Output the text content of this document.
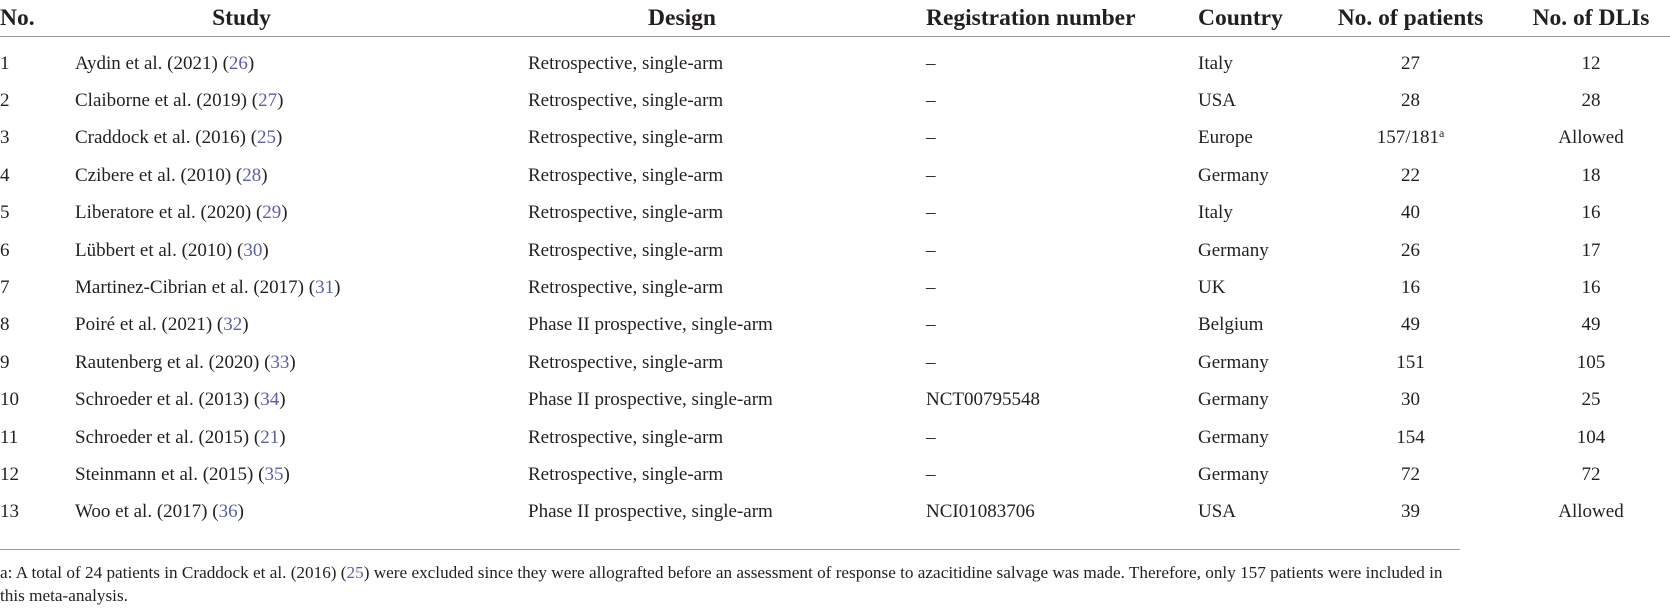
No.	Study	Design	Registration number	Country	No. of patients	No. of DLIs
1	Aydin et al. (2021) (26)	Retrospective, single-arm	–	Italy	27	12
2	Claiborne et al. (2019) (27)	Retrospective, single-arm	–	USA	28	28
3	Craddock et al. (2016) (25)	Retrospective, single-arm	–	Europe	157/181$^a$	Allowed
4	Czibere et al. (2010) (28)	Retrospective, single-arm	–	Germany	22	18
5	Liberatore et al. (2020) (29)	Retrospective, single-arm	–	Italy	40	16
6	Lübbert et al. (2010) (30)	Retrospective, single-arm	–	Germany	26	17
7	Martinez-Cibrian et al. (2017) (31)	Retrospective, single-arm	–	UK	16	16
8	Poiré et al. (2021) (32)	Phase II prospective, single-arm	–	Belgium	49	49
9	Rautenberg et al. (2020) (33)	Retrospective, single-arm	–	Germany	151	105
10	Schroeder et al. (2013) (34)	Phase II prospective, single-arm	NCT00795548	Germany	30	25
11	Schroeder et al. (2015) (21)	Retrospective, single-arm	–	Germany	154	104
12	Steinmann et al. (2015) (35)	Retrospective, single-arm	–	Germany	72	72
13	Woo et al. (2017) (36)	Phase II prospective, single-arm	NCI01083706	USA	39	Allowed
a: A total of 24 patients in Craddock et al. (2016) (25) were excluded since they were allografted before an assessment of response to azacitidine salvage was made. Therefore, only 157 patients were included in this meta-analysis.
